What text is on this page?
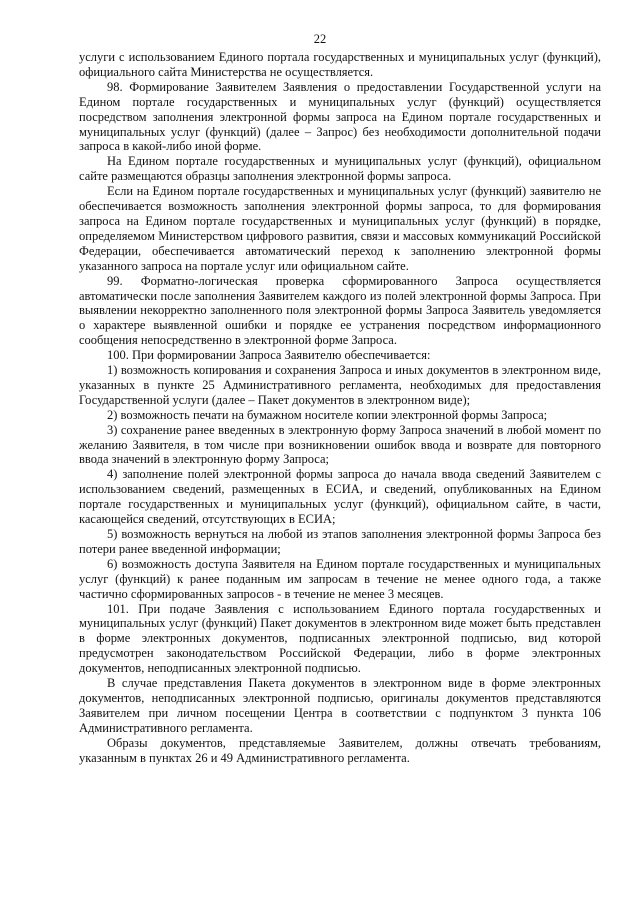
22

услуги с использованием Единого портала государственных и муниципальных услуг (функций), официального сайта Министерства не осуществляется.

98. Формирование Заявителем Заявления о предоставлении Государственной услуги на Едином портале государственных и муниципальных услуг (функций) осуществляется посредством заполнения электронной формы запроса на Едином портале государственных и муниципальных услуг (функций) (далее – Запрос) без необходимости дополнительной подачи запроса в какой-либо иной форме.

На Едином портале государственных и муниципальных услуг (функций), официальном сайте размещаются образцы заполнения электронной формы запроса.

Если на Едином портале государственных и муниципальных услуг (функций) заявителю не обеспечивается возможность заполнения электронной формы запроса, то для формирования запроса на Едином портале государственных и муниципальных услуг (функций) в порядке, определяемом Министерством цифрового развития, связи и массовых коммуникаций Российской Федерации, обеспечивается автоматический переход к заполнению электронной формы указанного запроса на портале услуг или официальном сайте.

99. Форматно-логическая проверка сформированного Запроса осуществляется автоматически после заполнения Заявителем каждого из полей электронной формы Запроса. При выявлении некорректно заполненного поля электронной формы Запроса Заявитель уведомляется о характере выявленной ошибки и порядке ее устранения посредством информационного сообщения непосредственно в электронной форме Запроса.

100. При формировании Запроса Заявителю обеспечивается:

1) возможность копирования и сохранения Запроса и иных документов в электронном виде, указанных в пункте 25 Административного регламента, необходимых для предоставления Государственной услуги (далее – Пакет документов в электронном виде);

2) возможность печати на бумажном носителе копии электронной формы Запроса;

3) сохранение ранее введенных в электронную форму Запроса значений в любой момент по желанию Заявителя, в том числе при возникновении ошибок ввода и возврате для повторного ввода значений в электронную форму Запроса;

4) заполнение полей электронной формы запроса до начала ввода сведений Заявителем с использованием сведений, размещенных в ЕСИА, и сведений, опубликованных на Едином портале государственных и муниципальных услуг (функций), официальном сайте, в части, касающейся сведений, отсутствующих в ЕСИА;

5) возможность вернуться на любой из этапов заполнения электронной формы Запроса без потери ранее введенной информации;

6) возможность доступа Заявителя на Едином портале государственных и муниципальных услуг (функций) к ранее поданным им запросам в течение не менее одного года, а также частично сформированных запросов - в течение не менее 3 месяцев.

101. При подаче Заявления с использованием Единого портала государственных и муниципальных услуг (функций) Пакет документов в электронном виде может быть представлен в форме электронных документов, подписанных электронной подписью, вид которой предусмотрен законодательством Российской Федерации, либо в форме электронных документов, неподписанных электронной подписью.

В случае представления Пакета документов в электронном виде в форме электронных документов, неподписанных электронной подписью, оригиналы документов представляются Заявителем при личном посещении Центра в соответствии с подпунктом 3 пункта 106 Административного регламента.

Образы документов, представляемые Заявителем, должны отвечать требованиям, указанным в пунктах 26 и 49 Административного регламента.
